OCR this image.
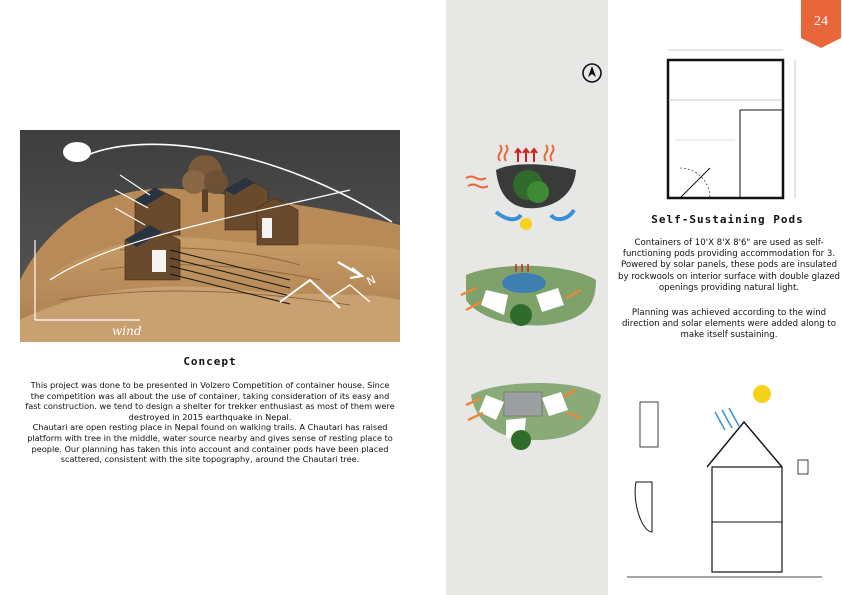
N
wind
Concept

This project was done to be presented in Volzero Competition of container house. Since the competition was all about the use of container, taking consideration of its easy and fast construction. we tend to design a shelter for trekker enthusiast as most of them were destroyed in 2015 earthquake in Nepal.

Chautari are open resting place in Nepal found on walking trails. A Chautari has raised platform with tree in the middle, water source nearby and gives sense of resting place to people. Our planning has taken this into account and container pods have been placed scattered, consistent with the site topography, around the Chautari tree.

24
Self-Sustaining Pods

Containers of 10'X 8'X 8'6" are used as self- functioning pods providing accommodation for 3. Powered by solar panels, these pods are insulated by rockwools on interior surface with double glazed openings providing natural light.

Planning was achieved according to the wind direction and solar elements were added along to make itself sustaining.
